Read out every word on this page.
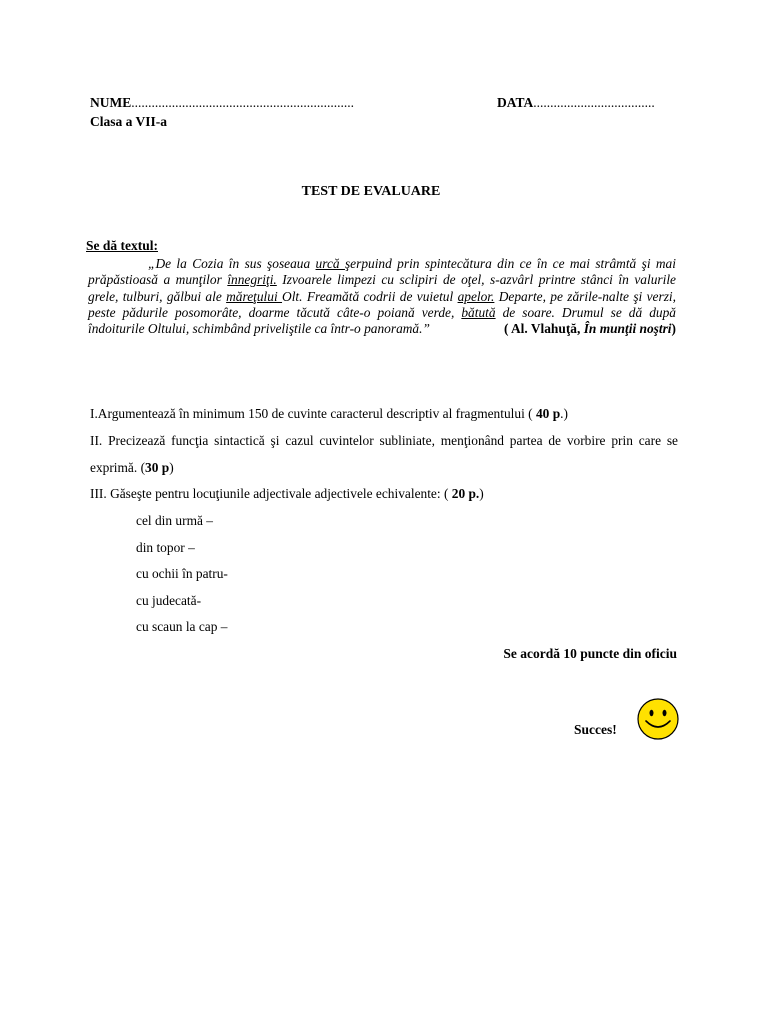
NUME..................................................................	DATA....................................
Clasa a VII-a
TEST DE EVALUARE
Se dă textul:
„De la Cozia în sus şoseaua urcă şerpuind prin spintecătura din ce în ce mai strâmtă şi mai prăpăstioasă a munţilor înnegriţi. Izvoarele limpezi cu sclipiri de oţel, s-azvârl printre stânci în valurile grele, tulburi, gălbui ale măreţului Olt. Freamătă codrii de vuietul apelor. Departe, pe zările-nalte şi verzi, peste pădurile posomorâte, doarme tăcută câte-o poiană verde, bătută de soare. Drumul se dă după îndoiturile Oltului, schimbând priveliştile ca într-o panoramă.”	( Al. Vlahuţă, În munţii noştri)
I.Argumentează în minimum 150 de cuvinte caracterul descriptiv al fragmentului ( 40 p.)
II. Precizează funcţia sintactică şi cazul cuvintelor subliniate, menţionând partea de vorbire prin care se exprimă. (30 p)
III. Găseşte pentru locuţiunile adjectivale adjectivele echivalente: ( 20 p.)
cel din urmă –
din topor –
cu ochii în patru-
cu judecată-
cu scaun la cap –
Se acordă 10 puncte din oficiu
Succes!
